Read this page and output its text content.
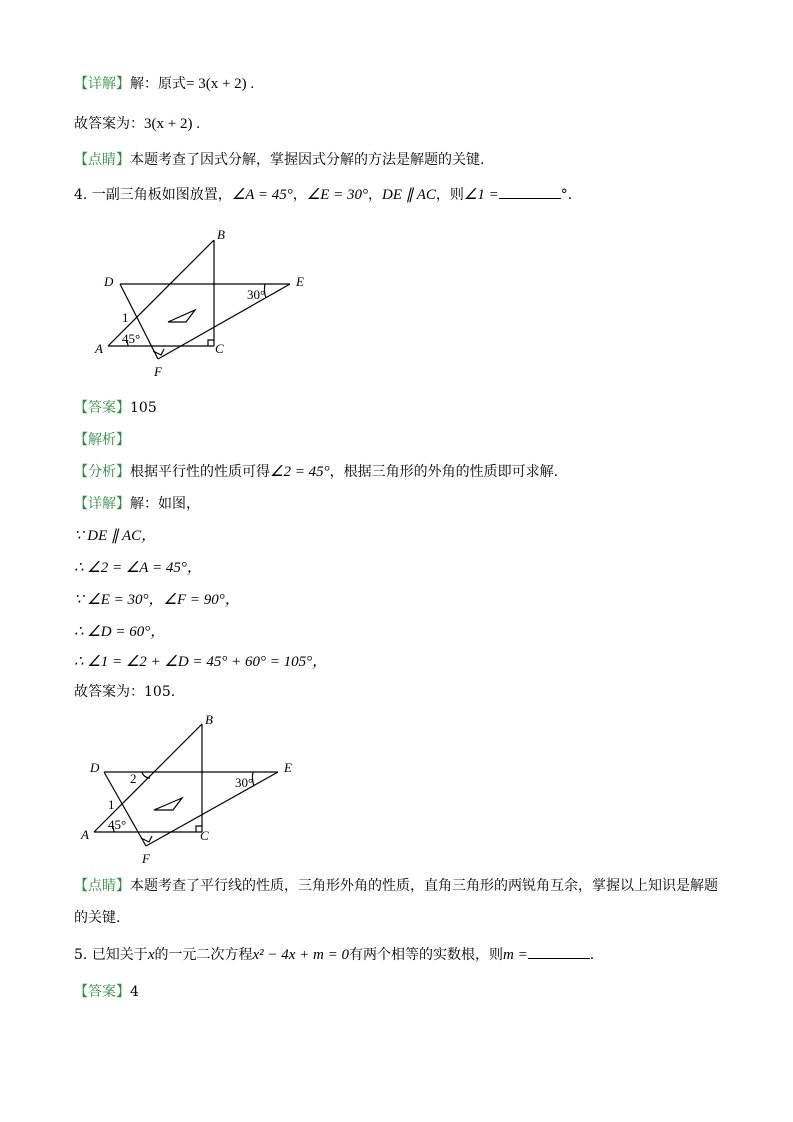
【详解】解：原式= 3(x + 2) .
故答案为：3(x + 2) .
【点睛】本题考查了因式分解，掌握因式分解的方法是解题的关键.
4. 一副三角板如图放置，∠A = 45°，∠E = 30°，DE ∥ AC，则∠1 =	°.
B
D	E
A	C
F
1
45°
30°
【答案】105
【解析】
【分析】根据平行性的性质可得∠2 = 45°，根据三角形的外角的性质即可求解.
【详解】解：如图，
∵ DE ∥ AC，
∴ ∠2 = ∠A = 45°，
∵ ∠E = 30°，∠F = 90°，
∴ ∠D = 60°，
∴ ∠1 = ∠2 + ∠D = 45° + 60° = 105°，
故答案为：105.
B
D	E
A	C
F
1
2
45°
30°
【点睛】本题考查了平行线的性质，三角形外角的性质，直角三角形的两锐角互余，掌握以上知识是解题
的关键.
5. 已知关于x的一元二次方程x² − 4x + m = 0有两个相等的实数根，则m =	.
【答案】4
